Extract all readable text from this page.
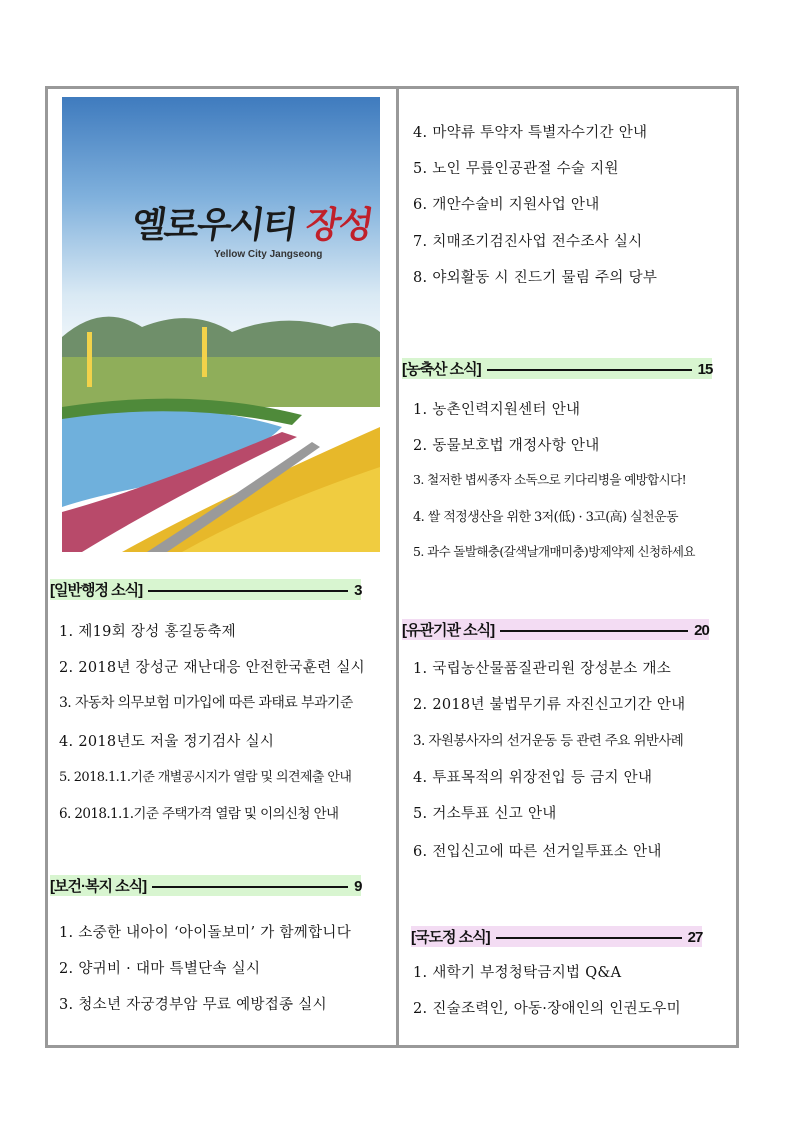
옐로우시티 장성
Yellow City Jangseong
[일반행정 소식]	3
1. 제19회 장성 홍길동축제
2. 2018년 장성군 재난대응 안전한국훈련 실시
3. 자동차 의무보험 미가입에 따른 과태료 부과기준
4. 2018년도 저울 정기검사 실시
5. 2018.1.1.기준 개별공시지가 열람 및 의견제출 안내
6. 2018.1.1.기준 주택가격 열람 및 이의신청 안내
[보건·복지 소식]	9
1. 소중한 내아이 ‘아이돌보미’ 가 함께합니다
2. 양귀비 · 대마 특별단속 실시
3. 청소년 자궁경부암 무료 예방접종 실시
4. 마약류 투약자 특별자수기간 안내
5. 노인 무릎인공관절 수술 지원
6. 개안수술비 지원사업 안내
7. 치매조기검진사업 전수조사 실시
8. 야외활동 시 진드기 물림 주의 당부
[농축산 소식]	15
1. 농촌인력지원센터 안내
2. 동물보호법 개정사항 안내
3. 철저한 볍씨종자 소독으로 키다리병을 예방합시다!
4. 쌀 적정생산을 위한 3저(低) · 3고(高) 실천운동
5. 과수 돌발해충(갈색날개매미충)방제약제 신청하세요
[유관기관 소식]	20
1. 국립농산물품질관리원 장성분소 개소
2. 2018년 불법무기류 자진신고기간 안내
3. 자원봉사자의 선거운동 등 관련 주요 위반사례
4. 투표목적의 위장전입 등 금지 안내
5. 거소투표 신고 안내
6. 전입신고에 따른 선거일투표소 안내
[국도정 소식]	27
1. 새학기 부정청탁금지법 Q&A
2. 진술조력인, 아동·장애인의 인권도우미
